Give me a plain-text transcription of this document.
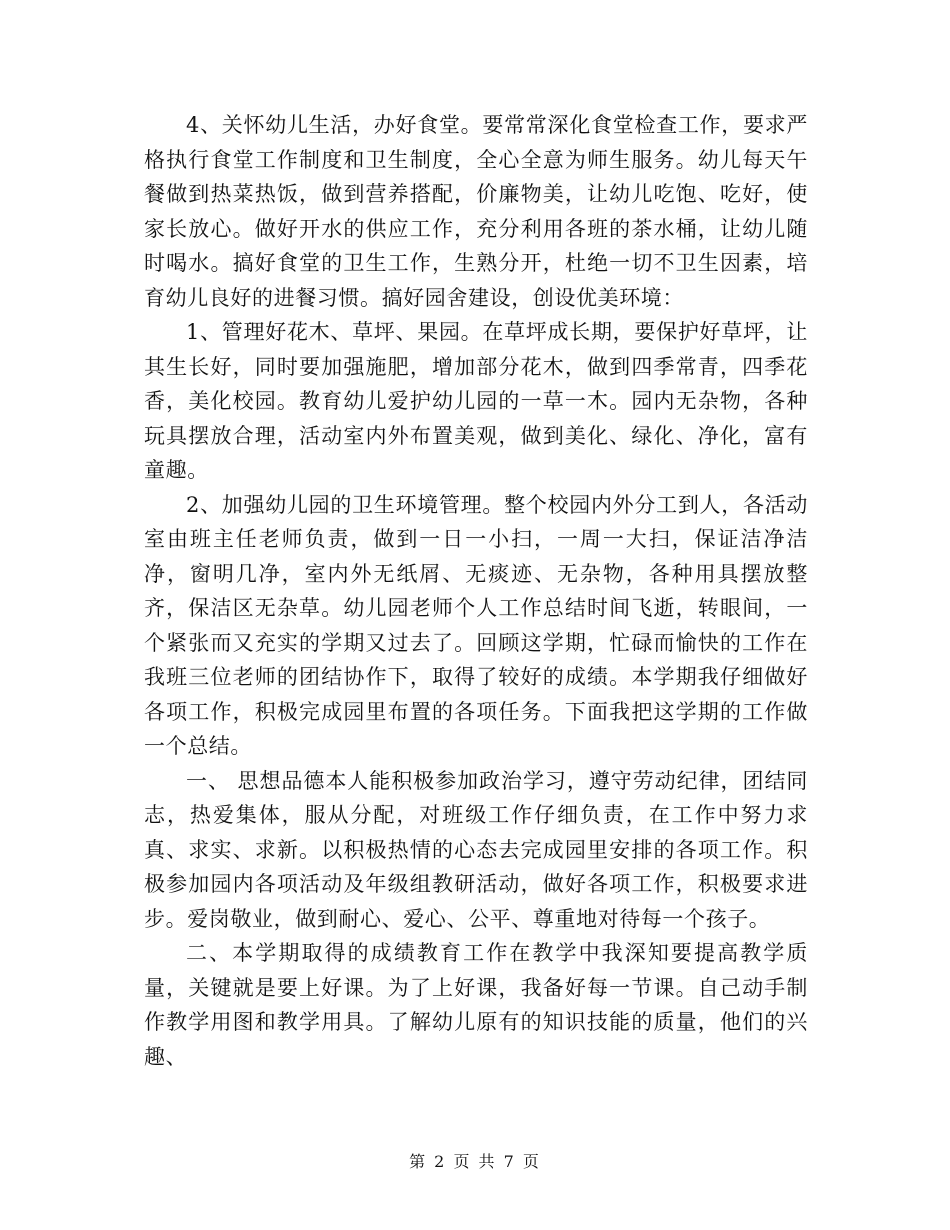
4、关怀幼儿生活，办好食堂。要常常深化食堂检查工作，要求严格执行食堂工作制度和卫生制度，全心全意为师生服务。幼儿每天午餐做到热菜热饭，做到营养搭配，价廉物美，让幼儿吃饱、吃好，使家长放心。做好开水的供应工作，充分利用各班的茶水桶，让幼儿随时喝水。搞好食堂的卫生工作，生熟分开，杜绝一切不卫生因素，培育幼儿良好的进餐习惯。搞好园舍建设，创设优美环境：

1、管理好花木、草坪、果园。在草坪成长期，要保护好草坪，让其生长好，同时要加强施肥，增加部分花木，做到四季常青，四季花香，美化校园。教育幼儿爱护幼儿园的一草一木。园内无杂物，各种玩具摆放合理，活动室内外布置美观，做到美化、绿化、净化，富有童趣。

2、加强幼儿园的卫生环境管理。整个校园内外分工到人，各活动室由班主任老师负责，做到一日一小扫，一周一大扫，保证洁净洁净，窗明几净，室内外无纸屑、无痰迹、无杂物，各种用具摆放整齐，保洁区无杂草。幼儿园老师个人工作总结时间飞逝，转眼间，一个紧张而又充实的学期又过去了。回顾这学期，忙碌而愉快的工作在我班三位老师的团结协作下，取得了较好的成绩。本学期我仔细做好各项工作，积极完成园里布置的各项任务。下面我把这学期的工作做一个总结。

一、 思想品德本人能积极参加政治学习，遵守劳动纪律，团结同志，热爱集体，服从分配，对班级工作仔细负责，在工作中努力求真、求实、求新。以积极热情的心态去完成园里安排的各项工作。积极参加园内各项活动及年级组教研活动，做好各项工作，积极要求进步。爱岗敬业，做到耐心、爱心、公平、尊重地对待每一个孩子。

二、本学期取得的成绩教育工作在教学中我深知要提高教学质量，关键就是要上好课。为了上好课，我备好每一节课。自己动手制作教学用图和教学用具。了解幼儿原有的知识技能的质量，他们的兴趣、

第 2 页 共 7 页
